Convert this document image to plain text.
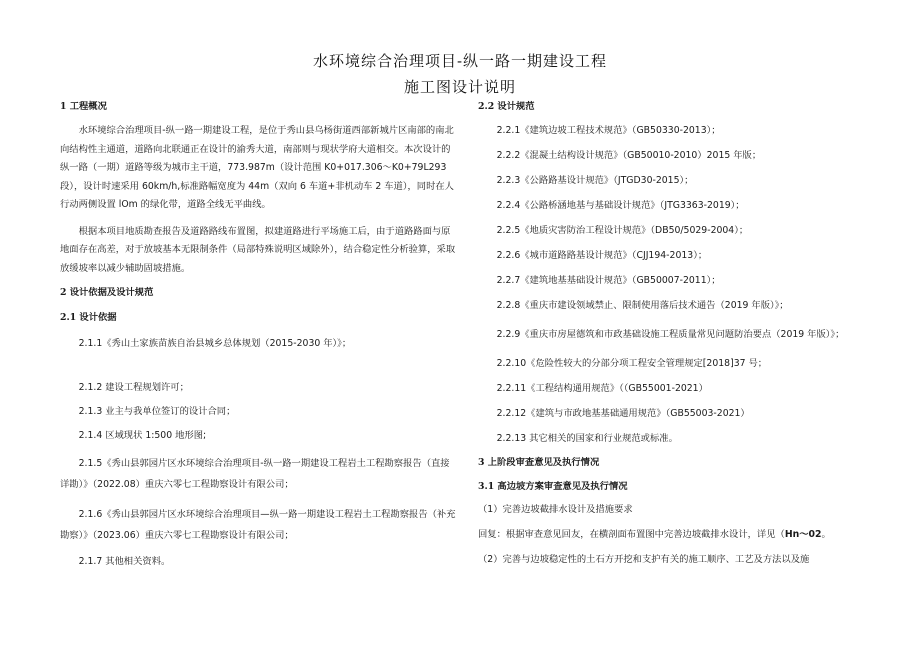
水环境综合治理项目-纵一路一期建设工程
施工图设计说明

1 工程概况

水环境综合治理项目-纵一路一期建设工程，是位于秀山县乌杨街道西部新城片区南部的南北向结构性主通道，道路向北联通正在设计的渝秀大道，南部则与现状学府大道相交。本次设计的纵一路（一期）道路等级为城市主干道，773.987m（设计范围 K0+017.306～K0+79L293 段），设计时速采用 60km/h,标准路幅宽度为 44m（双向 6 车道+非机动车 2 车道），同时在人行动两侧设置 lOm 的绿化带，道路全线无平曲线。

根据本项目地质勘查报告及道路路线布置图，拟建道路进行平场施工后，由于道路路面与原地面存在高差，对于放坡基本无限制条件（局部特殊说明区域除外），结合稳定性分析验算，采取放缓坡率以减少辅助固坡措施。

2 设计依据及设计规范

2.1 设计依据

2.1.1《秀山土家族苗族自治县城乡总体规划（2015-2030 年）》；

2.1.2 建设工程规划许可；

2.1.3 业主与我单位签订的设计合同；

2.1.4 区域现状 1:500 地形图;

2.1.5《秀山县郭园片区水环境综合治理项目-纵一路一期建设工程岩土工程勘察报告（直接详勘）》（2022.08）重庆六零七工程勘察设计有限公司；

2.1.6《秀山县郭园片区水环境综合治理项目—纵一路一期建设工程岩土工程勘察报告（补充勘察）》（2023.06）重庆六零七工程勘察设计有限公司；

2.1.7 其他相关资料。

2.2 设计规范

2.2.1《建筑边坡工程技术规范》（GB50330-2013）；

2.2.2《混凝土结构设计规范》（GB50010-2010）2015 年版；

2.2.3《公路路基设计规范》（JTGD30-2015）；

2.2.4《公路桥涵地基与基础设计规范》（JTG3363-2019）；

2.2.5《地质灾害防治工程设计规范》（DB50/5029-2004）；

2.2.6《城市道路路基设计规范》（CJJ194-2013）；

2.2.7《建筑地基基础设计规范》（GB50007-2011）；

2.2.8《重庆市建设领域禁止、限制使用落后技术通告（2019 年版）》；

2.2.9《重庆市房屋德筑和市政基础设施工程质量常见问题防治要点（2019 年版）》；

2.2.10《危险性较大的分部分项工程安全管理规定[2018]37 号；

2.2.11《工程结构通用规范》（（GB55001-2021）

2.2.12《建筑与市政地基基础通用规范》（GB55003-2021）

2.2.13 其它相关的国家和行业规范或标准。

3 上阶段审查意见及执行情况

3.1 高边坡方案审查意见及执行情况

（1）完善边坡截排水设计及措施要求

回复：根据审查意见回友，在横剖面布置图中完善边坡截排水设计，详见（Hn～02。

（2）完善与边坡稳定性的土石方开挖和支护有关的施工顺序、工艺及方法以及施
